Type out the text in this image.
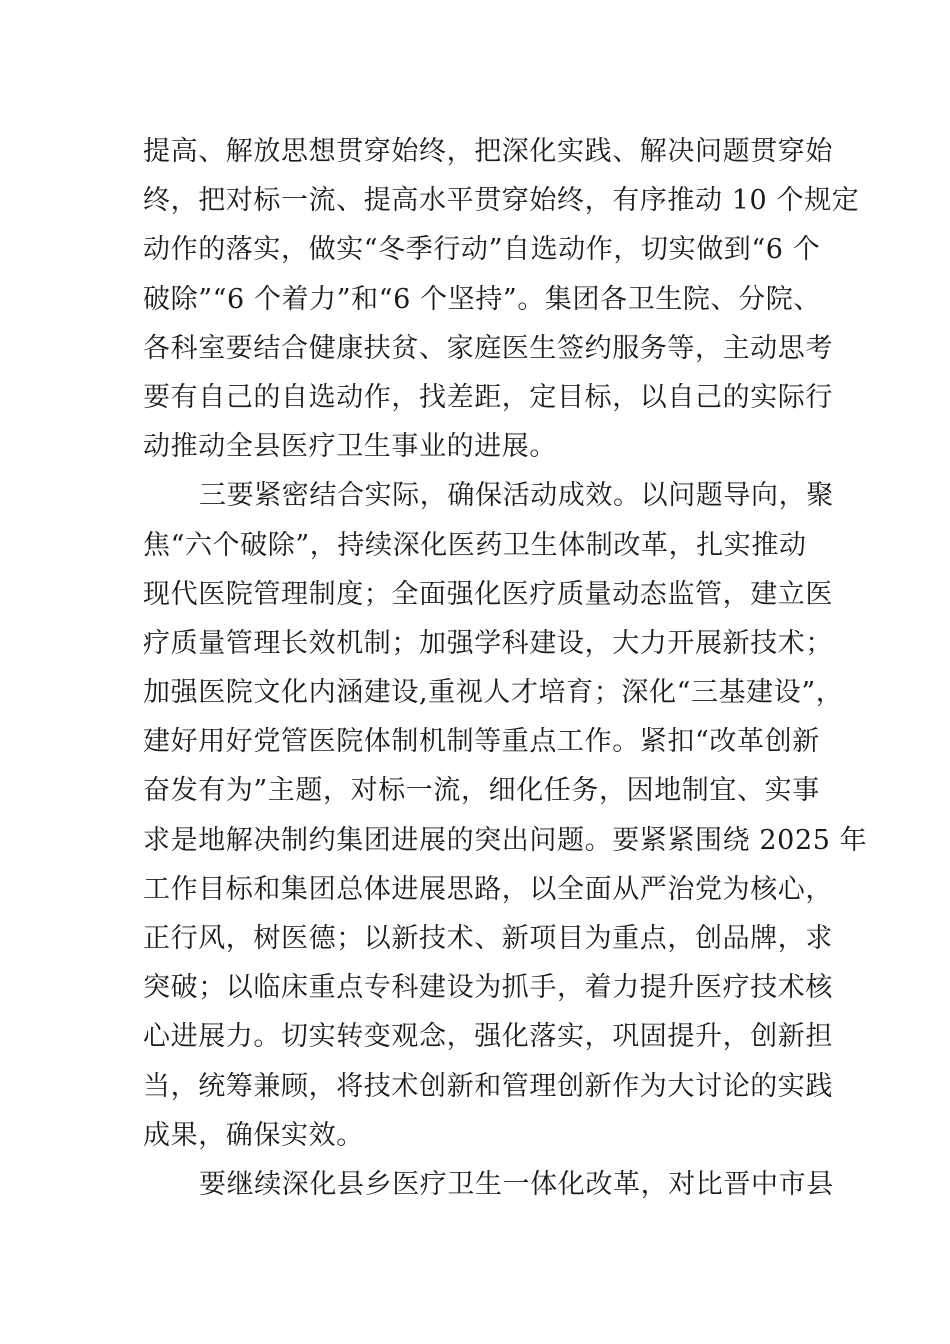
提高、解放思想贯穿始终，把深化实践、解决问题贯穿始
终，把对标一流、提高水平贯穿始终，有序推动 10 个规定
动作的落实，做实“冬季行动”自选动作，切实做到“6 个
破除”“6 个着力”和“6 个坚持”。集团各卫生院、分院、
各科室要结合健康扶贫、家庭医生签约服务等，主动思考
要有自己的自选动作，找差距，定目标，以自己的实际行
动推动全县医疗卫生事业的进展。
三要紧密结合实际，确保活动成效。以问题导向，聚
焦“六个破除”，持续深化医药卫生体制改革，扎实推动
现代医院管理制度；全面强化医疗质量动态监管，建立医
疗质量管理长效机制；加强学科建设，大力开展新技术；
加强医院文化内涵建设,重视人才培育；深化“三基建设”，
建好用好党管医院体制机制等重点工作。紧扣“改革创新
奋发有为”主题，对标一流，细化任务，因地制宜、实事
求是地解决制约集团进展的突出问题。要紧紧围绕 2025 年
工作目标和集团总体进展思路，以全面从严治党为核心，
正行风，树医德；以新技术、新项目为重点，创品牌，求
突破；以临床重点专科建设为抓手，着力提升医疗技术核
心进展力。切实转变观念，强化落实，巩固提升，创新担
当，统筹兼顾，将技术创新和管理创新作为大讨论的实践
成果，确保实效。
要继续深化县乡医疗卫生一体化改革，对比晋中市县
